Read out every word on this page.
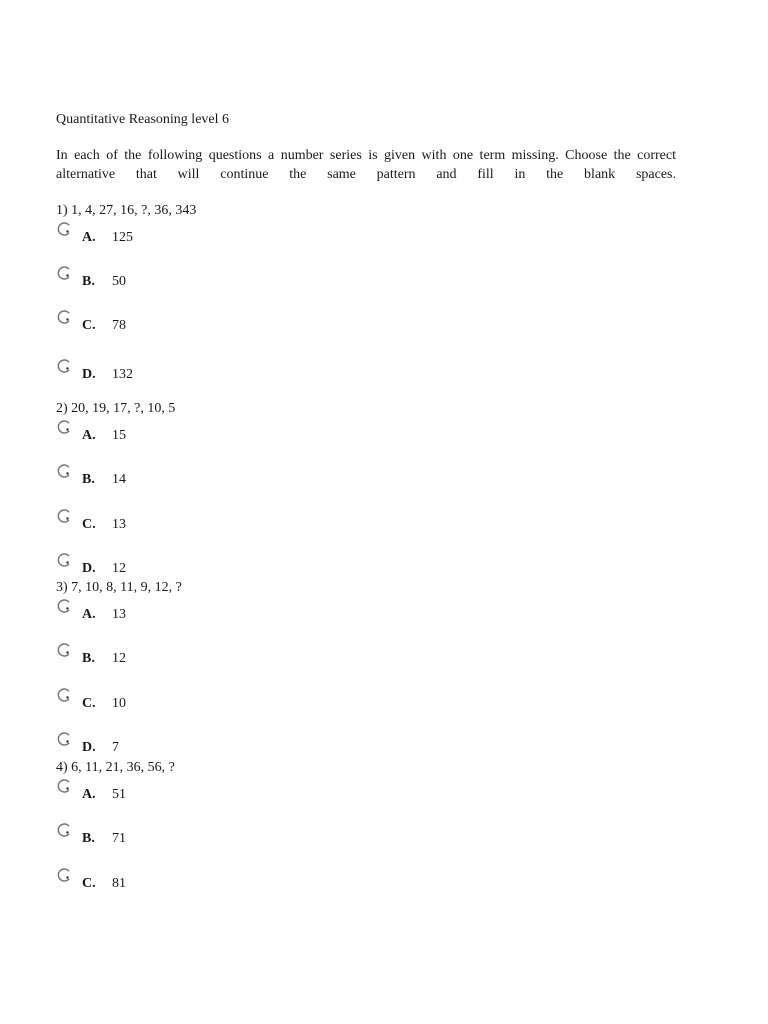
Quantitative Reasoning level 6
In each of the following questions a number series is given with one term missing. Choose the correct alternative that will continue the same pattern and fill in the blank spaces.
1) 1, 4, 27, 16, ?, 36, 343
A. 125
B. 50
C. 78
D. 132
2) 20, 19, 17, ?, 10, 5
A. 15
B. 14
C. 13
D. 12
3) 7, 10, 8, 11, 9, 12, ?
A. 13
B. 12
C. 10
D. 7
4) 6, 11, 21, 36, 56, ?
A. 51
B. 71
C. 81
